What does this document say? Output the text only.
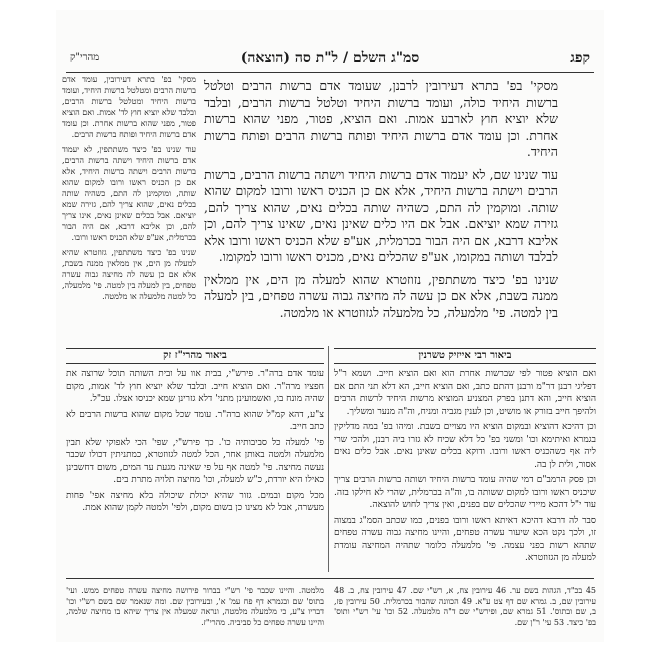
קפג
סמ"ג השלם / ל"ת סה (הוצאה)
מהרי"ק

מסקי' בפ' בתרא דעירובין לרבנן, שעומד אדם ברשות הרבים וטלטל ברשות היחיד כולה, ועומד ברשות היחיד וטלטל ברשות הרבים, ובלבד שלא יוציא חוץ לארבע אמות. ואם הוציא, פטור, מפני שהוא ברשות אחרת. וכן עומד אדם ברשות היחיד ופותח ברשות הרבים ופותח ברשות היחיד.

עוד שנינו שם, לא יעמוד אדם ברשות היחיד וישתה ברשות הרבים, ברשות הרבים וישתה ברשות היחיד, אלא אם כן הכניס ראשו ורובו למקום שהוא שותה. ומוקמין לה התם, כשהיה שותה בכלים נאים, שהוא צריך להם, גזירה שמא יוציאם. אבל אם היו כלים שאינן נאים, שאינו צריך להם, וכן אליבא דרבא, אם היה הבור בכרמלית, אע"פ שלא הכניס ראשו ורובו אלא לבלבד ושותה במקומו, אע"פ שהכלים נאים, מכניס ראשו ורובו למקומו.

שנינו בפ' כיצד משתתפין, נזוזטרא שהוא למעלה מן הים, אין ממלאין ממנה בשבת, אלא אם כן עשה לה מחיצה גבוה עשרה טפחים, בין למעלה בין למטה. פי' מלמעלה, כל מלמעלה לגזוזטרא או מלמטה.

מסקי' בפ' בתרא דעירובין, עומד אדם ברשות הרבים ומטלטל ברשות היחיד, ועומד ברשות היחיד ומטלטל ברשות הרבים, ובלבד שלא יוציא חוץ לד' אמות. ואם הוציא פטור, מפני שהוא ברשות אחרת. וכן עומד אדם ברשות היחיד ופותח ברשות הרבים.

עוד שנינו בפ' כיצד משתתפין, לא יעמוד אדם ברשות היחיד וישתה ברשות הרבים, ברשות הרבים וישתה ברשות היחיד, אלא אם כן הכניס ראשו ורובו למקום שהוא שותה, ומוקמינן לה התם, כשהיה שותה בכלים נאים, שהוא צריך להם, גזירה שמא יוציאם. אבל בכלים שאינן נאים, אינו צריך להם, וכן אליבא דרבא, אם היה הבור בכרמלית, אע"פ שלא הכניס ראשו ורובו.

שנינו בפ' כיצד משתתפין, גזוזטרא שהיא למעלה מן הים, אין ממלאין ממנה בשבת, אלא אם כן עשה לה מחיצה גבוה עשרה טפחים, בין למעלה בין למטה. פי' מלמעלה, כל למטה מלמעלה או מלמטה.

ביאור רבי אייזיק טשרנין
ביאור מהרי"ז זק

ואם הוציא פטור לפי שברשות אחרת הוא ואם הוציא חייב. ושמא ר"ל דפליגי רבנן דר"מ ורבנן דהתם כתב, ואם הוציא חייב, הא דלא תני התם אם הוציא חייב, והא דתנן בפרק המצניע המוציא מרשות היחיד לרשות הרבים ולהיפך חייב בזורק או מושיט, וכן לענין מגביה ומניח, וה"ה מנער ומשליך.

וכן דהיכא דהוציא ובמקום הוציא היו מצויים בשבת. ומיהו בפ' במה מדליקין בגמרא ואיתימא וכו' ומשני בפ' כל דלא שכיח לא גזרו ביה רבנן, ולהכי שרי ליה אף כשהכניס ראשו ורובו. ודוקא בכלים שאינן נאים. אבל כלים נאים אסור, ולית לן בה.

וכן פסק הרמב"ם דמי שהיה עומד ברשות היחיד ושותה ברשות הרבים צריך שיכניס ראשו ורובו למקום ששותה בו, וה"ה בכרמלית, שהרי לא חילקו בזה. עוד י"ל דהכא מיירי שהכלים שם בפנים, ואין צריך לחוש להוצאה.

סבר לה דרבא דהיכא דאיתא ראשו ורובו בפנים, כמו שכתב הסמ"ג במצוה זו, ולכך נקט הכא שיעור עשרה טפחים, והיינו מחיצה גבוה עשרה טפחים שתהא רשות בפני עצמה. פי' מלמעלה כלומר שתהיה המחיצה עומדת למעלה מן הגזוזטרא.

עומד אדם ברה"ר. פירש"י, בבית אוו על ובית השותה תוכל שרוצה את חפציו מרה"ר. ואם הוציא חייב. ובלבד שלא יוציא חוץ לד' אמות, מקום שהיה מונח בו, ואשמועינן מתני' דלא גזרינן שמא יכניסו אצלו. עכ"ל.

צ"ע, דהא קמ"ל שהוא ברה"ר. עומד שכל מקום שהוא ברשות הרבים לא כתב חייב.

פי' למעלה כל סביבותיה כו'. כך פירש"י, שפי' הכי לאפוקי שלא תבין מלמעלה ולמטה באותן אחר, הכל למטה לגזוזטרא, כמתניתין דכולו שכבר נעשה מחיצה. פי' למטה אף על פי שאינה מגעת עד המים, משום דחשבינן כאילו היא יורדת, כ"ש למעלה, וכו' מחיצה תלויה מתרת בים.

מכל מקום ובמים. גזור שהיא יכולת שיכולה בלא מחיצה אפי' פחות מעשרה, אבל לא מצינו כן בשום מקום, ולפי' ולמטה לקמן שהוא אמת.

45 בכ"ד, הגהות בשם ער. 46 עירובין צח, א, רש"י שם. 47 עירובין צח, ב. 48 עירובין שם, ב. גמרא שם דף צט ע"א. 49 הכוונה שהבור בכרמלית. 50 עירובין פז, ב, שם ובתוס'. 51 גמרא שם, ופירש"י שם ד"ה מלמעלה. 52 וכו' עי' רש"י ותוס' בפ' כיצד. 53 עי' ר"ן שם.
מלמטה. והיינו שכבר פי' רש"י בברור פירושה מחיצה עשרה טפחים ממש. ועי' בתוס' שם ובגמרא דף פח עמ' א', ובעירובין שם. ומה שנאמר שם בשם רש"י וכו' דבריו צ"ע, כי מלמעלה מלמטה, ונראה שמעלה אין צריך שיהא בו מחיצה שלמה, והיינו עשרה טפחים כל סביביה. מהרי"ז.
